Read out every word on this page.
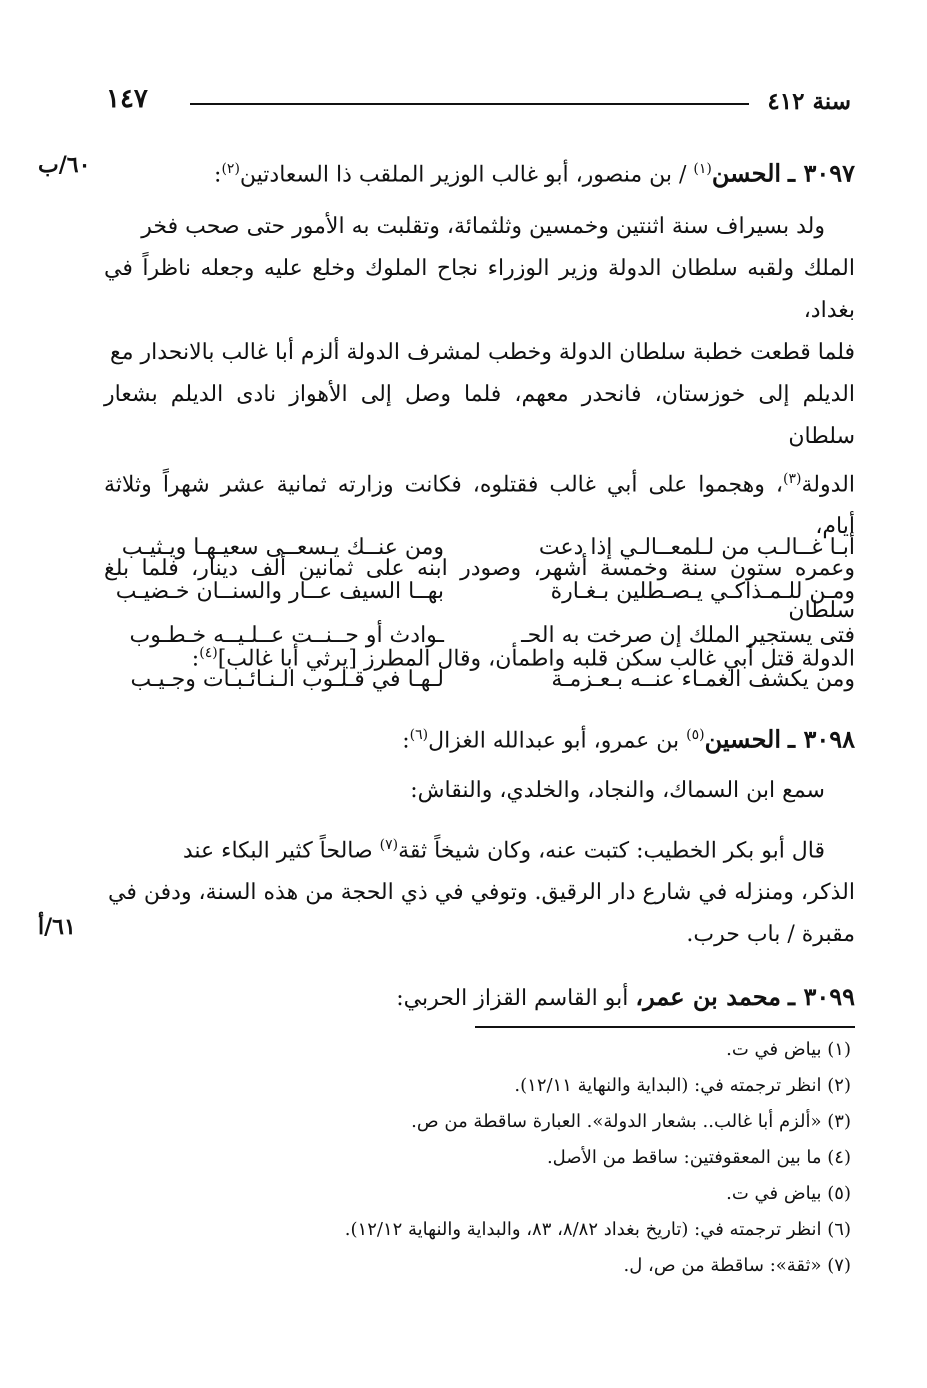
سنة ٤١٢
١٤٧
٦٠/ب
٦١/أ
٣٠٩٧ ـ الحسن$^{(١)}$ / بن منصور، أبو غالب الوزير الملقب ذا السعادتين$^{(٢)}$:

ولد بسيراف سنة اثنتين وخمسين وثلثمائة، وتقلبت به الأمور حتى صحب فخر

الملك ولقبه سلطان الدولة وزير الوزراء نجاح الملوك وخلع عليه وجعله ناظراً في بغداد،
فلما قطعت خطبة سلطان الدولة وخطب لمشرف الدولة ألزم أبا غالب بالانحدار مع
الديلم إلى خوزستان، فانحدر معهم، فلما وصل إلى الأهواز نادى الديلم بشعار سلطان
الدولة$^{(٣)}$، وهجموا على أبي غالب فقتلوه، فكانت وزارته ثمانية عشر شهراً وثلاثة أيام،
وعمره ستون سنة وخمسة أشهر، وصودر ابنه على ثمانين ألف دينار، فلما بلغ سلطان
الدولة قتل أبي غالب سكن قلبه واطمأن، وقال المطرز [يرثي أبا غالب]$^{(٤)}$:
أبـا غــالـب من لـلمعــالـي إذا دعت
ومن عنــك يـسعــى سعيـهـا ويـثيـب
ومـن للـمـذاكـي يـصـطلين بـغـارة
بهــا السيف عــار والسنــان خـضيـب
فتى يستجير الملك إن صرخت به الحـ
ـوادث أو حــنــت عــلـيــه خـطـوب
ومن يكشف الغمـاء عنــه بـعـزمـة
لـهـا في قـلـوب الـنـائـبـات وجـيـب
٣٠٩٨ ـ الحسين$^{(٥)}$ بن عمرو، أبو عبدالله الغزال$^{(٦)}$:

سمع ابن السماك، والنجاد، والخلدي، والنقاش:

قال أبو بكر الخطيب: كتبت عنه، وكان شيخاً ثقة$^{(٧)}$ صالحاً كثير البكاء عند

الذكر، ومنزله في شارع دار الرقيق. وتوفي في ذي الحجة من هذه السنة، ودفن في
مقبرة / باب حرب.
٣٠٩٩ ـ محمد بن عمر، أبو القاسم القزاز الحربي:

(١) بياض في ت.

(٢) انظر ترجمته في: (البداية والنهاية ١٢/١١).

(٣) «ألزم أبا غالب.. بشعار الدولة». العبارة ساقطة من ص.

(٤) ما بين المعقوفتين: ساقط من الأصل.

(٥) بياض في ت.

(٦) انظر ترجمته في: (تاريخ بغداد ٨/٨٢، ٨٣، والبداية والنهاية ١٢/١٢).

(٧) «ثقة»: ساقطة من ص، ل.
